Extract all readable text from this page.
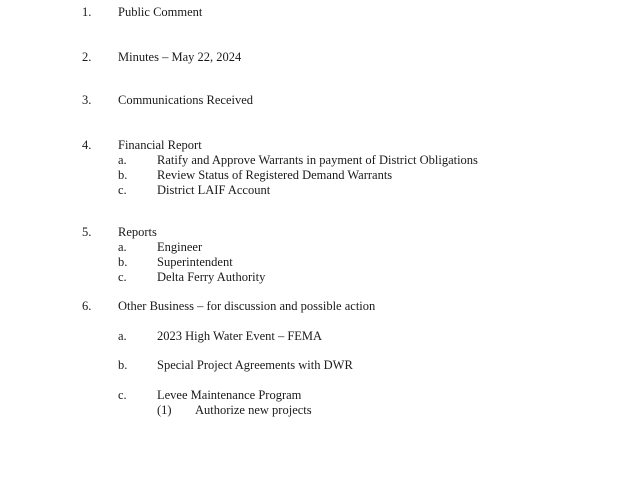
1. Public Comment
2. Minutes – May 22, 2024
3. Communications Received
4. Financial Report
a. Ratify and Approve Warrants in payment of District Obligations
b. Review Status of Registered Demand Warrants
c. District LAIF Account
5. Reports
a. Engineer
b. Superintendent
c. Delta Ferry Authority
6. Other Business – for discussion and possible action
a. 2023 High Water Event – FEMA
b. Special Project Agreements with DWR
c. Levee Maintenance Program
(1) Authorize new projects
